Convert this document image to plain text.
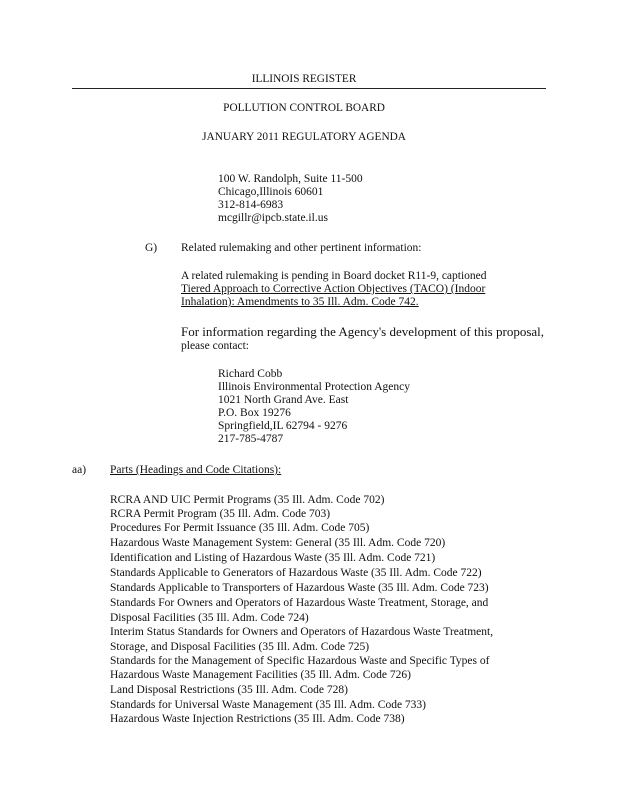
ILLINOIS REGISTER
POLLUTION CONTROL BOARD
JANUARY 2011 REGULATORY AGENDA
100 W. Randolph, Suite 11-500
Chicago,Illinois 60601
312-814-6983
mcgillr@ipcb.state.il.us
G) Related rulemaking and other pertinent information:
A related rulemaking is pending in Board docket R11-9, captioned
Tiered Approach to Corrective Action Objectives (TACO) (Indoor
Inhalation): Amendments to 35 Ill. Adm. Code 742.
For information regarding the Agency's development of this proposal,
please contact:
Richard Cobb
Illinois Environmental Protection Agency
1021 North Grand Ave. East
P.O. Box 19276
Springfield,IL 62794 - 9276
217-785-4787
aa) Parts (Headings and Code Citations):
RCRA AND UIC Permit Programs (35 Ill. Adm. Code 702)
RCRA Permit Program (35 Ill. Adm. Code 703)
Procedures For Permit Issuance (35 Ill. Adm. Code 705)
Hazardous Waste Management System: General (35 Ill. Adm. Code 720)
Identification and Listing of Hazardous Waste (35 Ill. Adm. Code 721)
Standards Applicable to Generators of Hazardous Waste (35 Ill. Adm. Code 722)
Standards Applicable to Transporters of Hazardous Waste (35 Ill. Adm. Code 723)
Standards For Owners and Operators of Hazardous Waste Treatment, Storage, and
Disposal Facilities (35 Ill. Adm. Code 724)
Interim Status Standards for Owners and Operators of Hazardous Waste Treatment,
Storage, and Disposal Facilities (35 Ill. Adm. Code 725)
Standards for the Management of Specific Hazardous Waste and Specific Types of
Hazardous Waste Management Facilities (35 Ill. Adm. Code 726)
Land Disposal Restrictions (35 Ill. Adm. Code 728)
Standards for Universal Waste Management (35 Ill. Adm. Code 733)
Hazardous Waste Injection Restrictions (35 Ill. Adm. Code 738)
